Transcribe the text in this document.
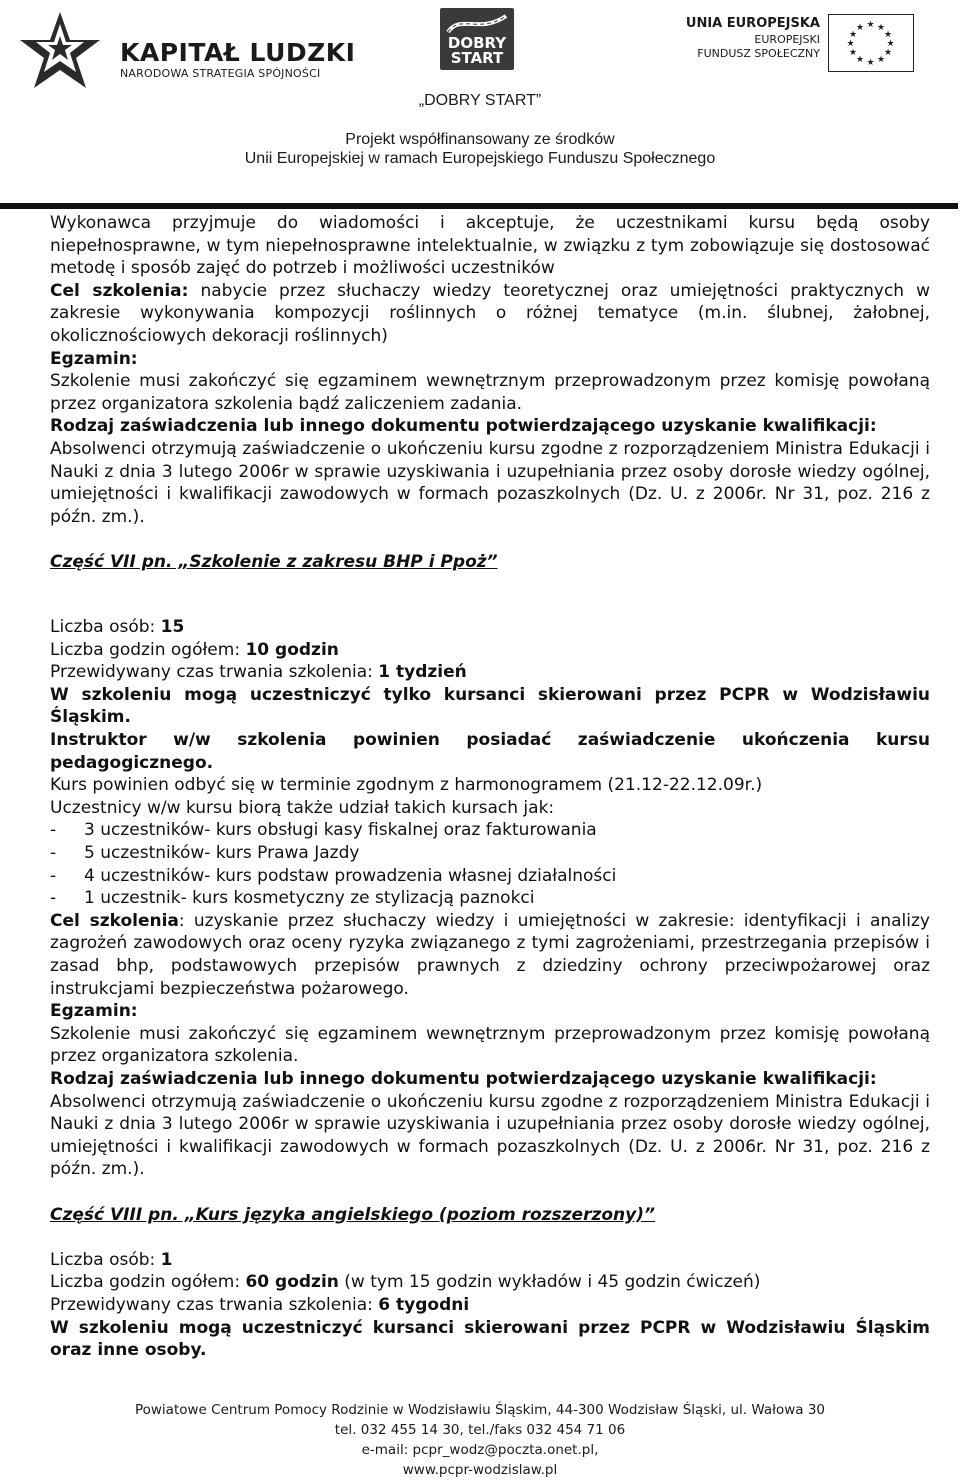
KAPITAŁ LUDZKI
NARODOWA STRATEGIA SPÓJNOŚCI
DOBRY
START
UNIA EUROPEJSKA
EUROPEJSKI
FUNDUSZ SPOŁECZNY
★ ★
★
★
★
★
★
★
★
★
★
★
„DOBRY START”
Projekt współfinansowany ze środków
Unii Europejskiej w ramach Europejskiego Funduszu Społecznego

Wykonawca przyjmuje do wiadomości i akceptuje, że uczestnikami kursu będą osoby niepełnosprawne, w tym niepełnosprawne intelektualnie, w związku z tym zobowiązuje się dostosować metodę i sposób zajęć do potrzeb i możliwości uczestników

Cel szkolenia: nabycie przez słuchaczy wiedzy teoretycznej oraz umiejętności praktycznych w zakresie wykonywania kompozycji roślinnych o różnej tematyce (m.in. ślubnej, żałobnej, okolicznościowych dekoracji roślinnych)

Egzamin:

Szkolenie musi zakończyć się egzaminem wewnętrznym przeprowadzonym przez komisję powołaną przez organizatora szkolenia bądź zaliczeniem zadania.

Rodzaj zaświadczenia lub innego dokumentu potwierdzającego uzyskanie kwalifikacji:

Absolwenci otrzymują zaświadczenie o ukończeniu kursu zgodne z rozporządzeniem Ministra Edukacji i Nauki z dnia 3 lutego 2006r w sprawie uzyskiwania i uzupełniania przez osoby dorosłe wiedzy ogólnej, umiejętności i kwalifikacji zawodowych w formach pozaszkolnych (Dz. U. z 2006r. Nr 31, poz. 216 z późn. zm.).

Część VII pn. „Szkolenie z zakresu BHP i Ppoż”

Liczba osób: 15

Liczba godzin ogółem: 10 godzin

Przewidywany czas trwania szkolenia: 1 tydzień

W szkoleniu mogą uczestniczyć tylko kursanci skierowani przez PCPR w Wodzisławiu Śląskim.

Instruktor w/w szkolenia powinien posiadać zaświadczenie ukończenia kursu pedagogicznego.

Kurs powinien odbyć się w terminie zgodnym z harmonogramem (21.12-22.12.09r.)

Uczestnicy w/w kursu biorą także udział takich kursach jak:

- 3 uczestników- kurs obsługi kasy fiskalnej oraz fakturowania
- 5 uczestników- kurs Prawa Jazdy
- 4 uczestników- kurs podstaw prowadzenia własnej działalności
- 1 uczestnik- kurs kosmetyczny ze stylizacją paznokci

Cel szkolenia: uzyskanie przez słuchaczy wiedzy i umiejętności w zakresie: identyfikacji i analizy zagrożeń zawodowych oraz oceny ryzyka związanego z tymi zagrożeniami, przestrzegania przepisów i zasad bhp, podstawowych przepisów prawnych z dziedziny ochrony przeciwpożarowej oraz instrukcjami bezpieczeństwa pożarowego.

Egzamin:

Szkolenie musi zakończyć się egzaminem wewnętrznym przeprowadzonym przez komisję powołaną przez organizatora szkolenia.

Rodzaj zaświadczenia lub innego dokumentu potwierdzającego uzyskanie kwalifikacji:

Absolwenci otrzymują zaświadczenie o ukończeniu kursu zgodne z rozporządzeniem Ministra Edukacji i Nauki z dnia 3 lutego 2006r w sprawie uzyskiwania i uzupełniania przez osoby dorosłe wiedzy ogólnej, umiejętności i kwalifikacji zawodowych w formach pozaszkolnych (Dz. U. z 2006r. Nr 31, poz. 216 z późn. zm.).

Część VIII pn. „Kurs języka angielskiego (poziom rozszerzony)”

Liczba osób: 1

Liczba godzin ogółem: 60 godzin (w tym 15 godzin wykładów i 45 godzin ćwiczeń)

Przewidywany czas trwania szkolenia: 6 tygodni

W szkoleniu mogą uczestniczyć kursanci skierowani przez PCPR w Wodzisławiu Śląskim oraz inne osoby.

Powiatowe Centrum Pomocy Rodzinie w Wodzisławiu Śląskim, 44-300 Wodzisław Śląski, ul. Wałowa 30
tel. 032 455 14 30, tel./faks 032 454 71 06
e-mail: pcpr_wodz@poczta.onet.pl,
www.pcpr-wodzislaw.pl
